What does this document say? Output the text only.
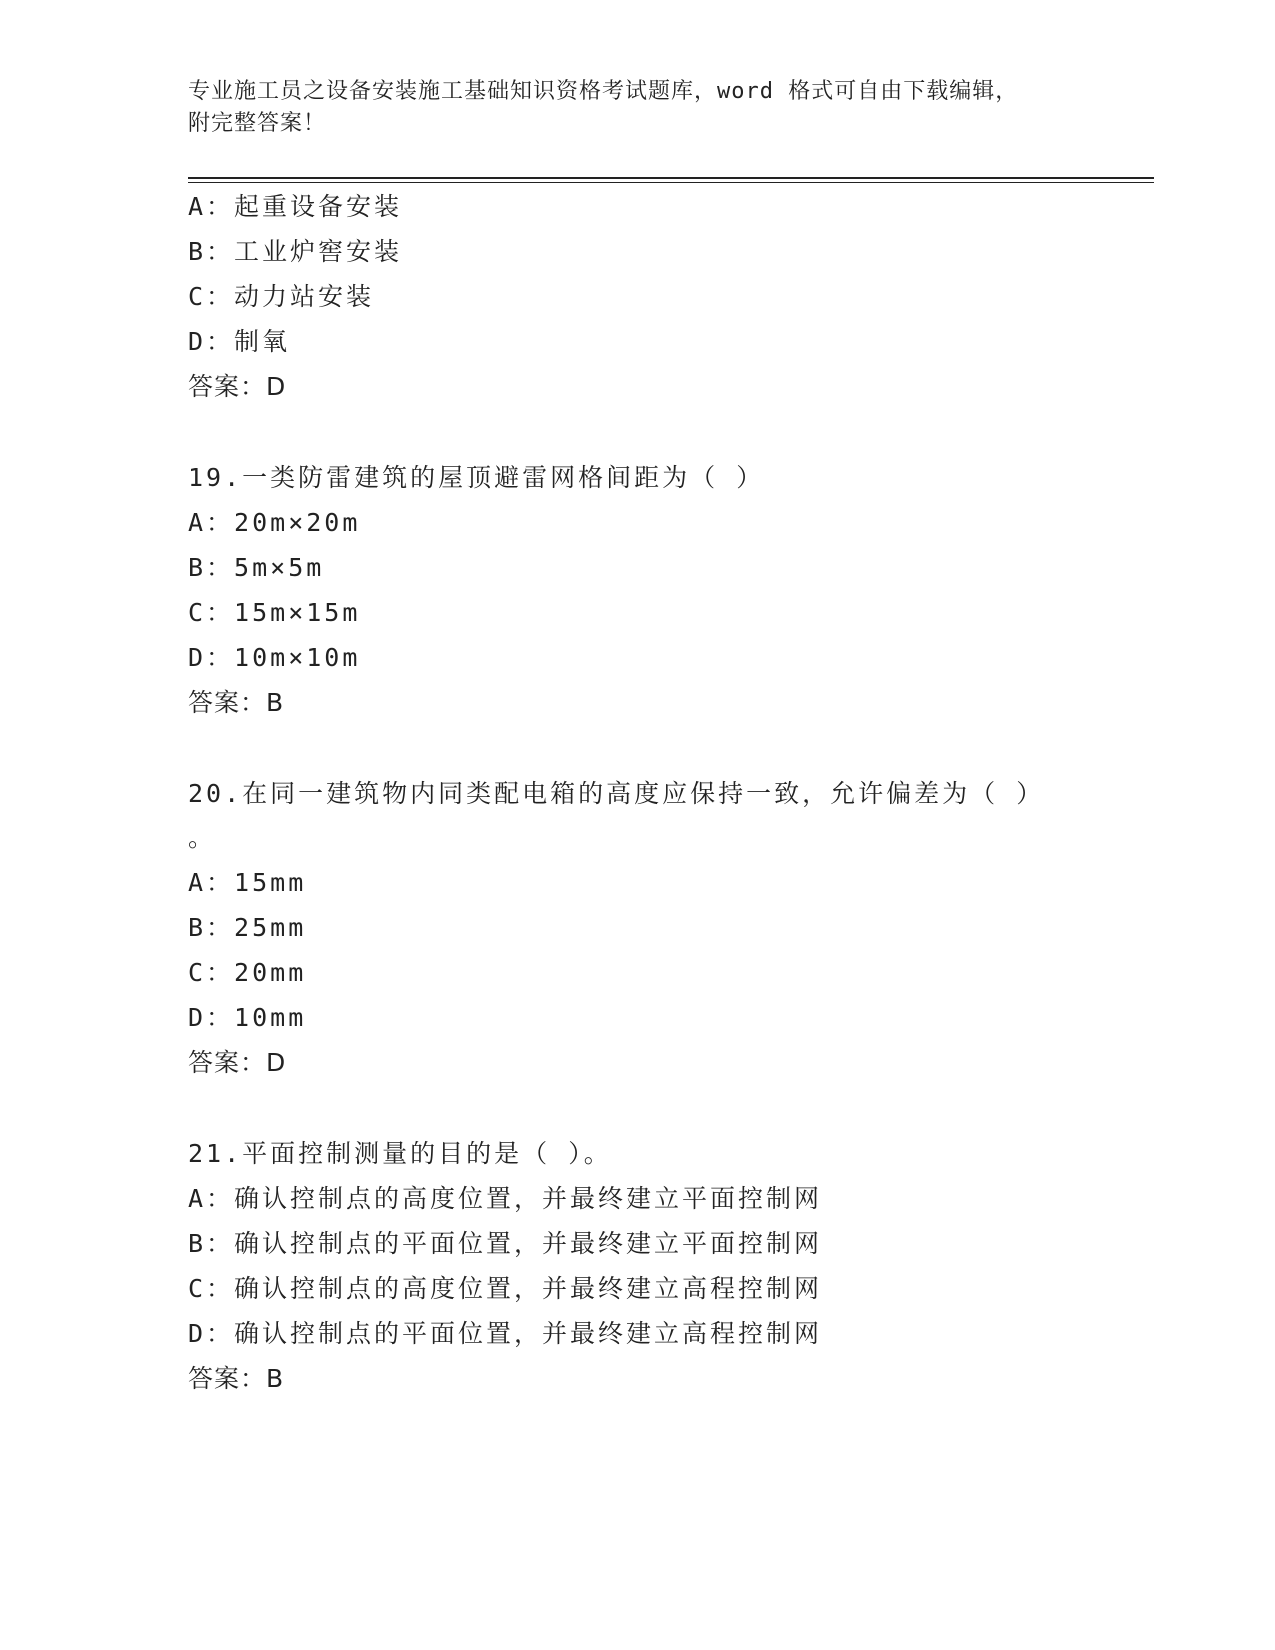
专业施工员之设备安装施工基础知识资格考试题库，word 格式可自由下载编辑，
附完整答案！
A：起重设备安装
B：工业炉窖安装
C：动力站安装
D：制氧
答案：D
19.一类防雷建筑的屋顶避雷网格间距为（ ）
A：20m×20m
B：5m×5m
C：15m×15m
D：10m×10m
答案：B
20.在同一建筑物内同类配电箱的高度应保持一致，允许偏差为（ ）
。
A：15mm
B：25mm
C：20mm
D：10mm
答案：D
21.平面控制测量的目的是（ ）。
A：确认控制点的高度位置，并最终建立平面控制网
B：确认控制点的平面位置，并最终建立平面控制网
C：确认控制点的高度位置，并最终建立高程控制网
D：确认控制点的平面位置，并最终建立高程控制网
答案：B
